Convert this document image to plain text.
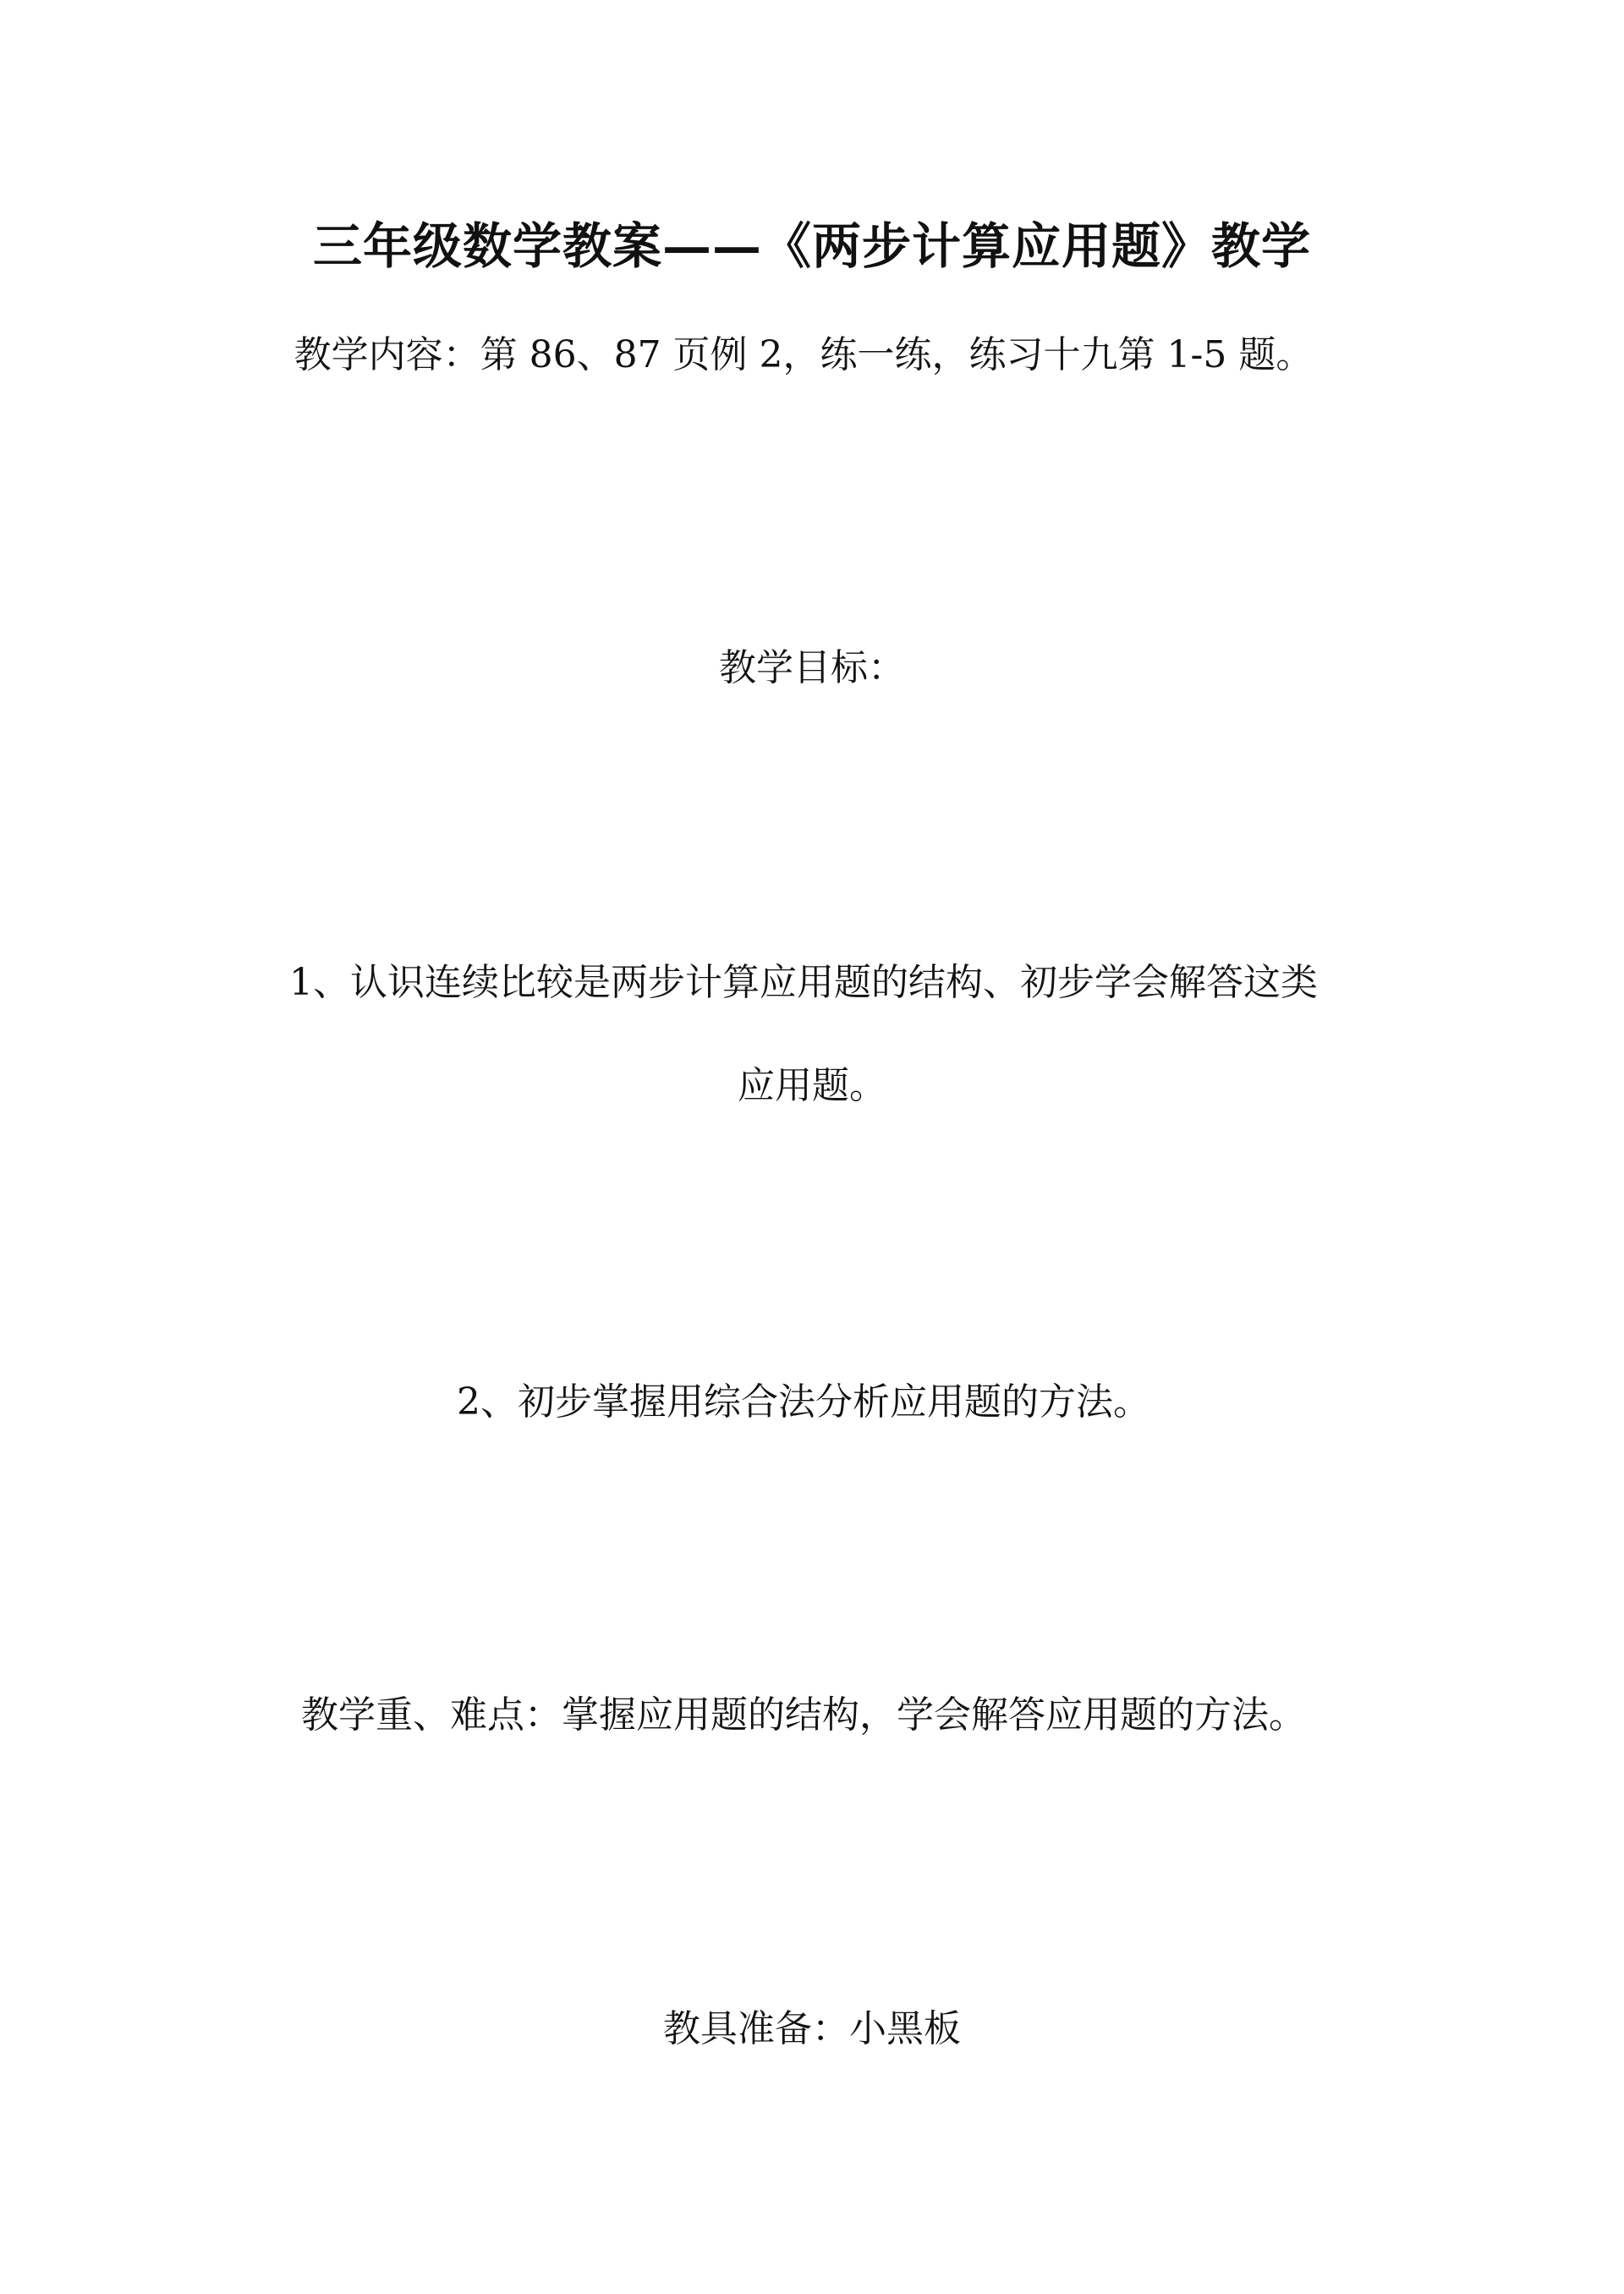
三年级数学教案——《两步计算应用题》教学
教学内容：第 86、87 页例 2，练一练，练习十九第 1-5 题。
教学目标：
1、认识连续比较是两步计算应用题的结构、初步学会解答这类
应用题。
2、初步掌握用综合法分析应用题的方法。
教学重、难点：掌握应用题的结构，学会解答应用题的方法。
教具准备：小黑板
